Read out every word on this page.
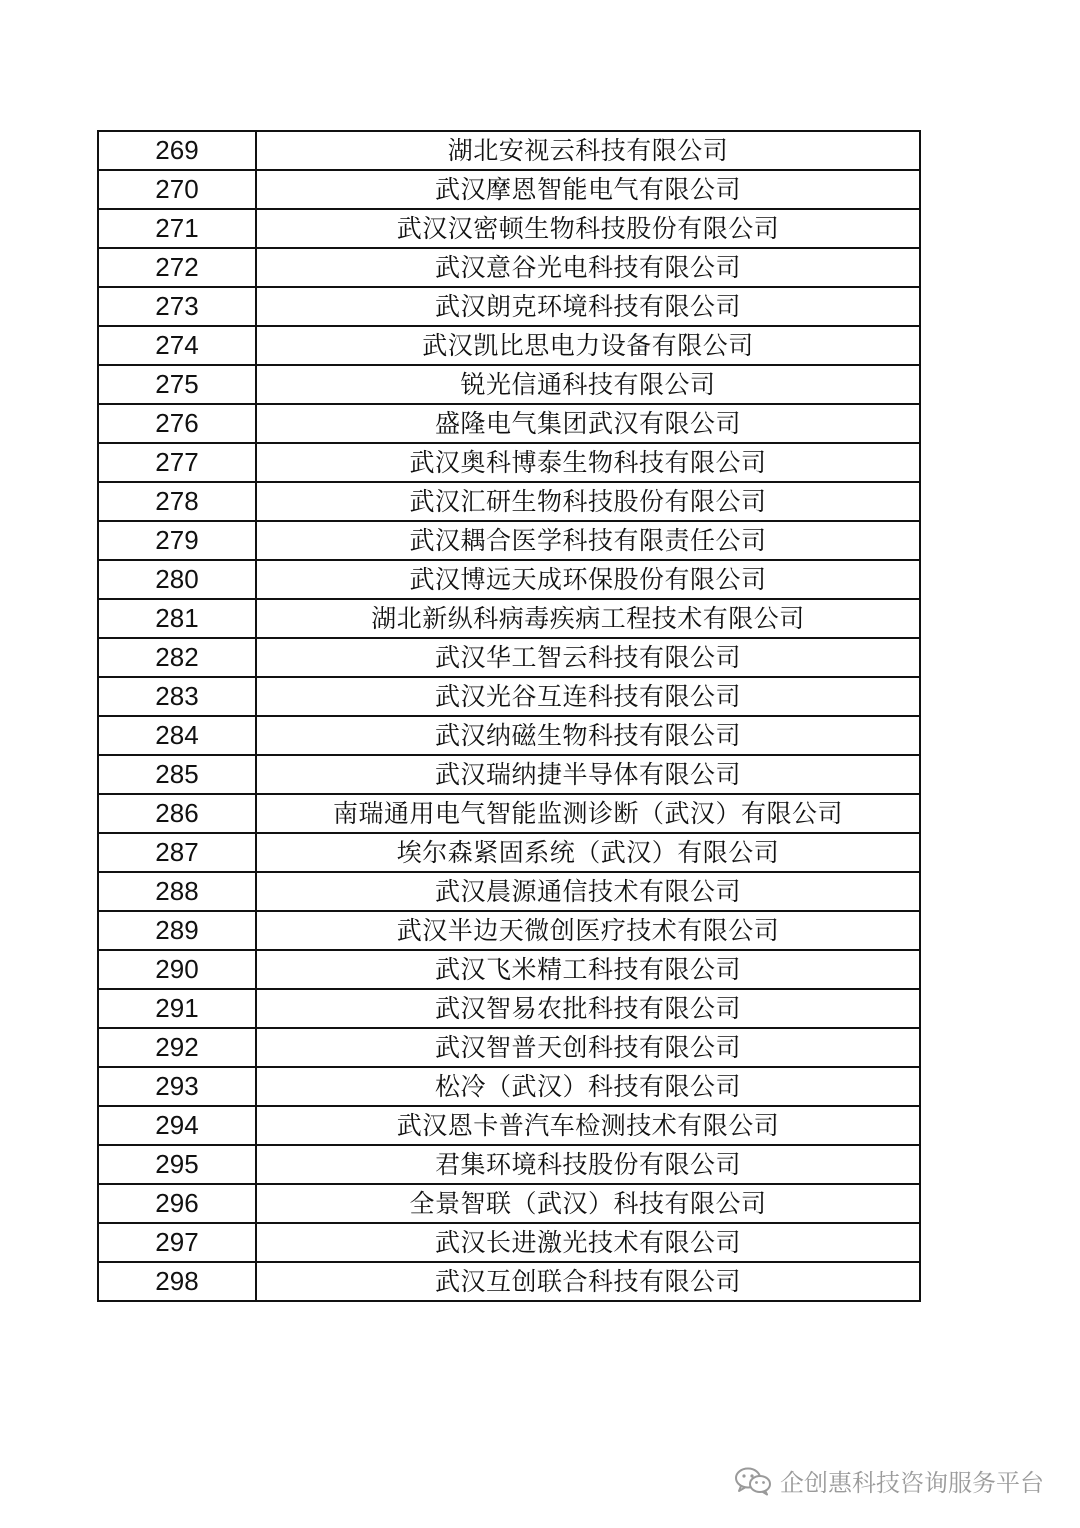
269	湖北安视云科技有限公司
270	武汉摩恩智能电气有限公司
271	武汉汉密顿生物科技股份有限公司
272	武汉意谷光电科技有限公司
273	武汉朗克环境科技有限公司
274	武汉凯比思电力设备有限公司
275	锐光信通科技有限公司
276	盛隆电气集团武汉有限公司
277	武汉奥科博泰生物科技有限公司
278	武汉汇研生物科技股份有限公司
279	武汉耦合医学科技有限责任公司
280	武汉博远天成环保股份有限公司
281	湖北新纵科病毒疾病工程技术有限公司
282	武汉华工智云科技有限公司
283	武汉光谷互连科技有限公司
284	武汉纳磁生物科技有限公司
285	武汉瑞纳捷半导体有限公司
286	南瑞通用电气智能监测诊断（武汉）有限公司
287	埃尔森紧固系统（武汉）有限公司
288	武汉晨源通信技术有限公司
289	武汉半边天微创医疗技术有限公司
290	武汉飞米精工科技有限公司
291	武汉智易农批科技有限公司
292	武汉智普天创科技有限公司
293	松冷（武汉）科技有限公司
294	武汉恩卡普汽车检测技术有限公司
295	君集环境科技股份有限公司
296	全景智联（武汉）科技有限公司
297	武汉长进激光技术有限公司
298	武汉互创联合科技有限公司
企创惠科技咨询服务平台
